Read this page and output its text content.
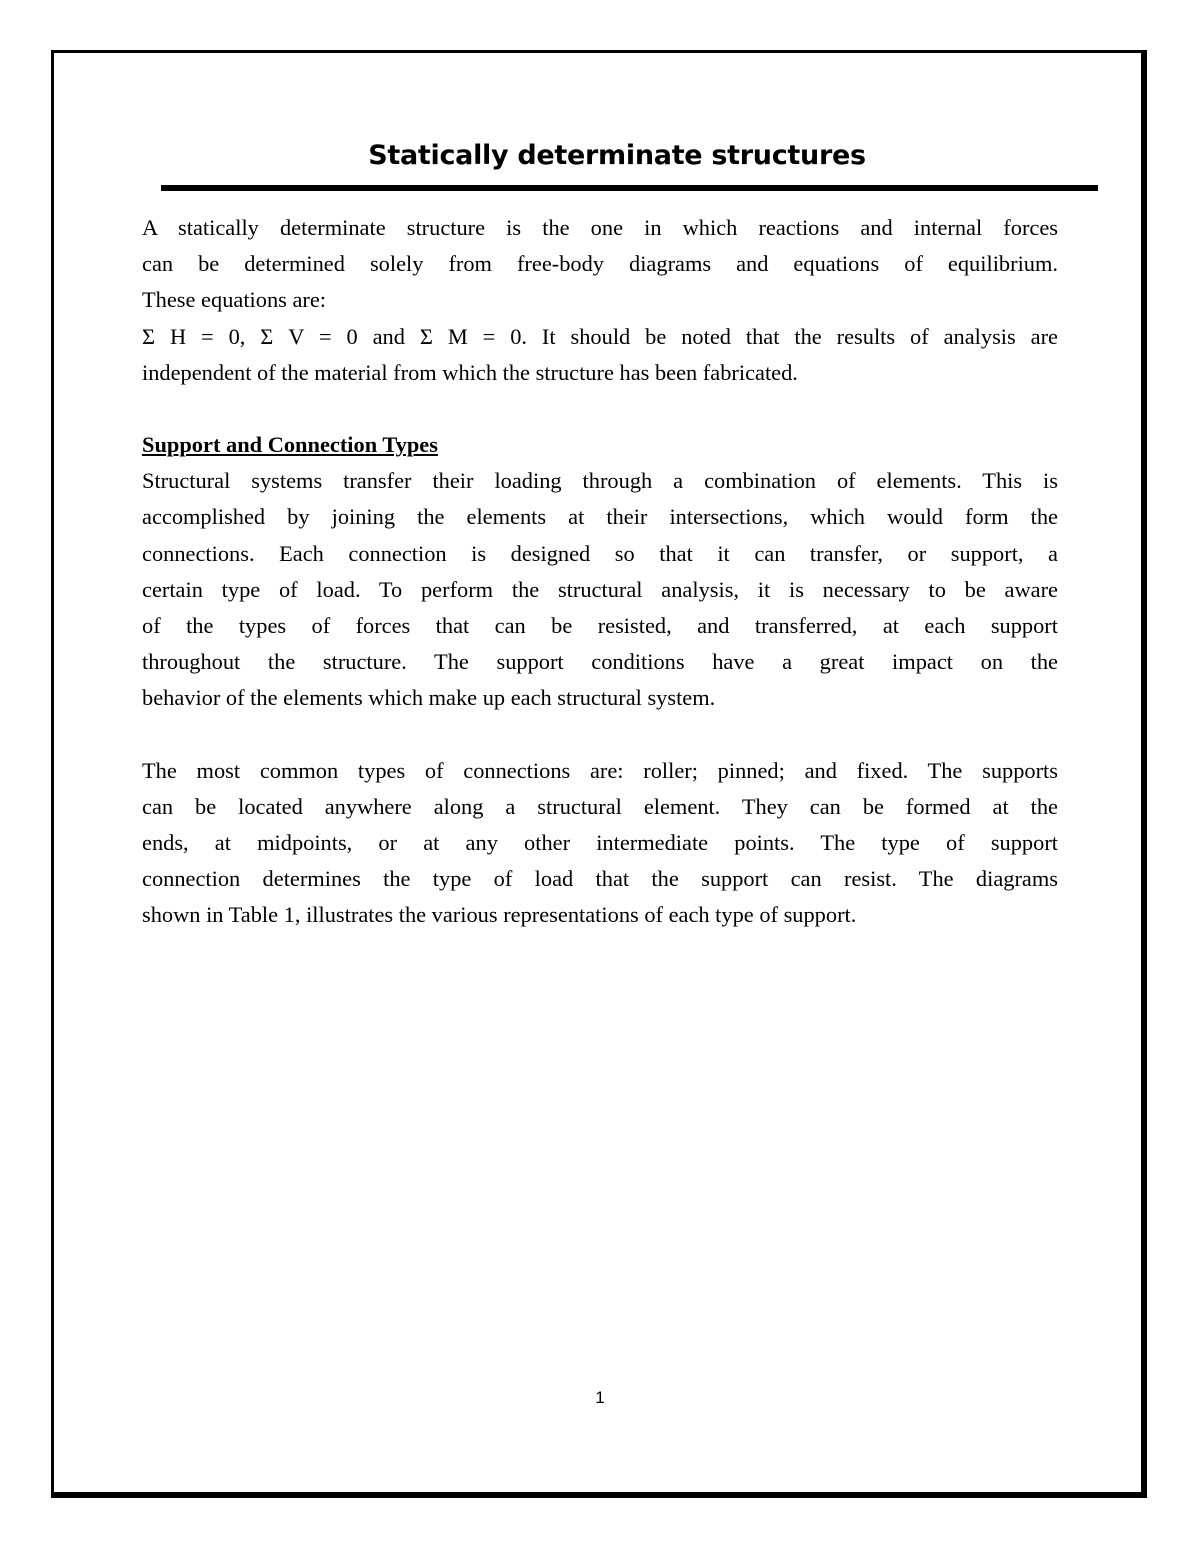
Statically determinate structures

A statically determinate structure is the one in which reactions and internal forces
can be determined solely from free-body diagrams and equations of equilibrium.
These equations are:
Σ H = 0, Σ V = 0 and Σ M = 0. It should be noted that the results of analysis are
independent of the material from which the structure has been fabricated.

Support and Connection Types

Structural systems transfer their loading through a combination of elements. This is
accomplished by joining the elements at their intersections, which would form the
connections. Each connection is designed so that it can transfer, or support, a
certain type of load. To perform the structural analysis, it is necessary to be aware
of the types of forces that can be resisted, and transferred, at each support
throughout the structure. The support conditions have a great impact on the
behavior of the elements which make up each structural system.

The most common types of connections are: roller; pinned; and fixed. The supports
can be located anywhere along a structural element. They can be formed at the
ends, at midpoints, or at any other intermediate points. The type of support
connection determines the type of load that the support can resist. The diagrams
shown in Table 1, illustrates the various representations of each type of support.

1
